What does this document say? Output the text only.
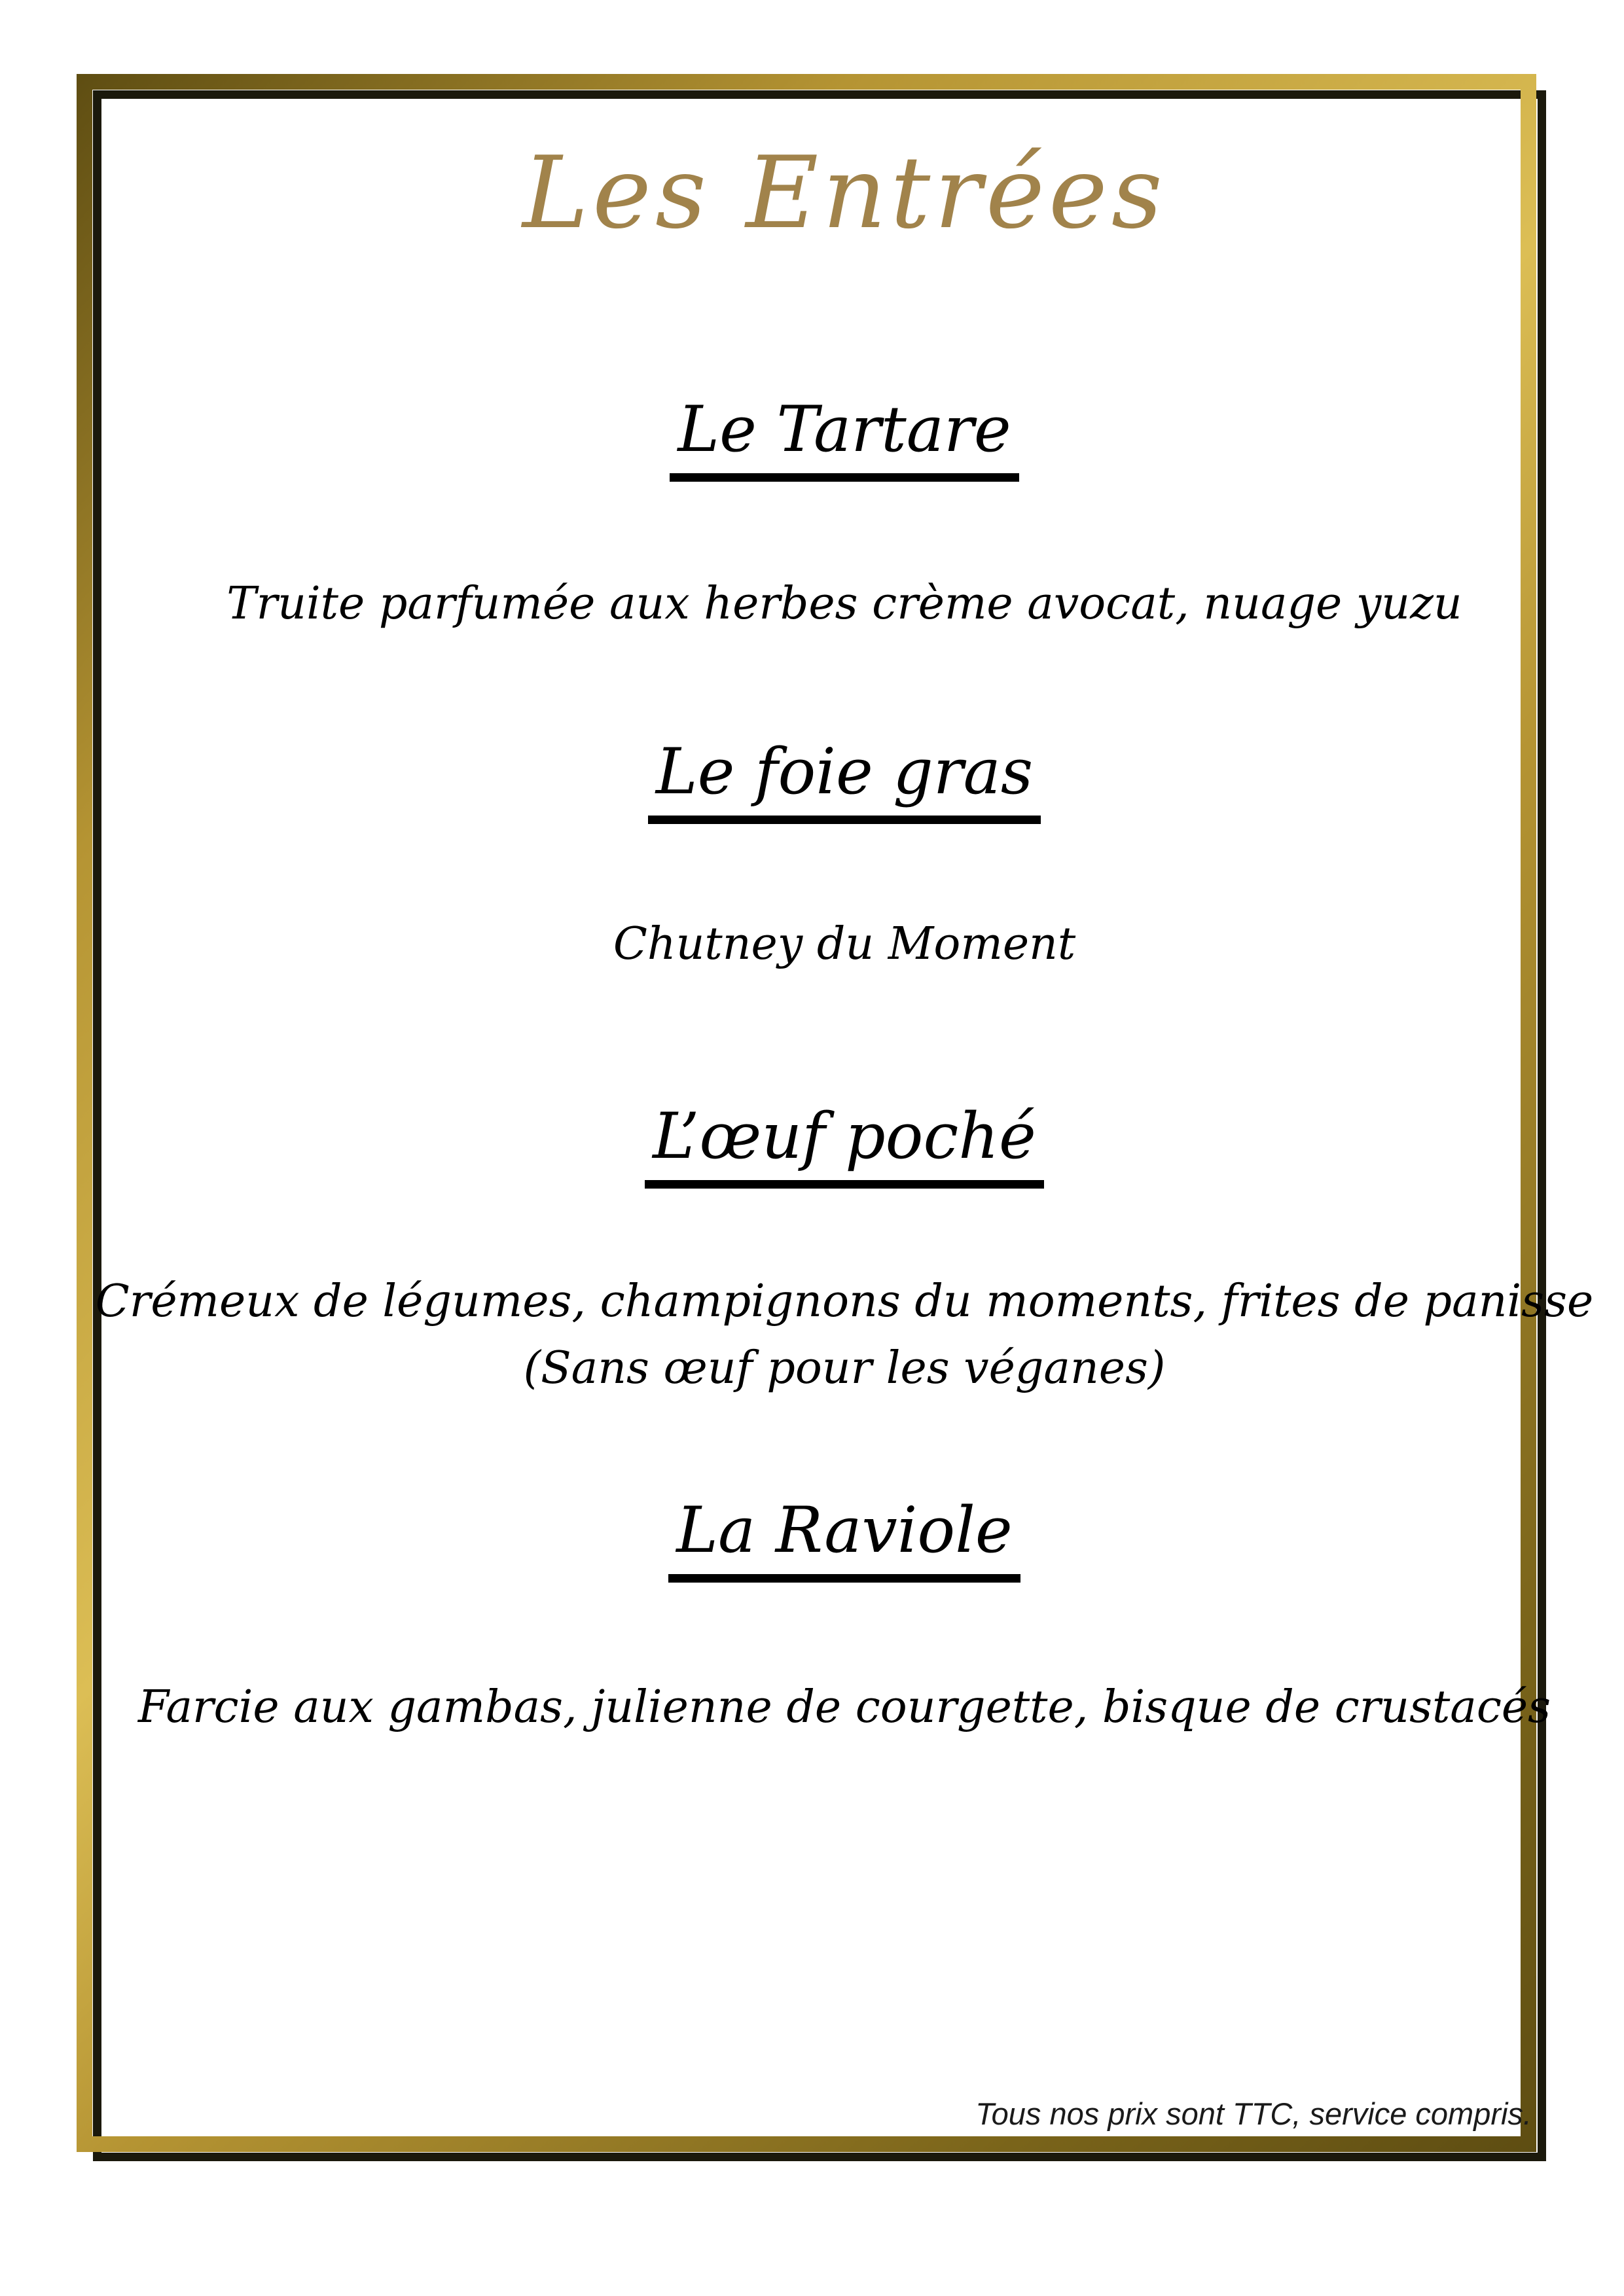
Les Entrées
Le Tartare
Truite parfumée aux herbes crème avocat, nuage yuzu
Le foie gras
Chutney du Moment
L’œuf poché
Crémeux de légumes, champignons du moments, frites de panisse
(Sans œuf pour les véganes)
La Raviole
Farcie aux gambas, julienne de courgette, bisque de crustacés
Tous nos prix sont TTC, service compris.
